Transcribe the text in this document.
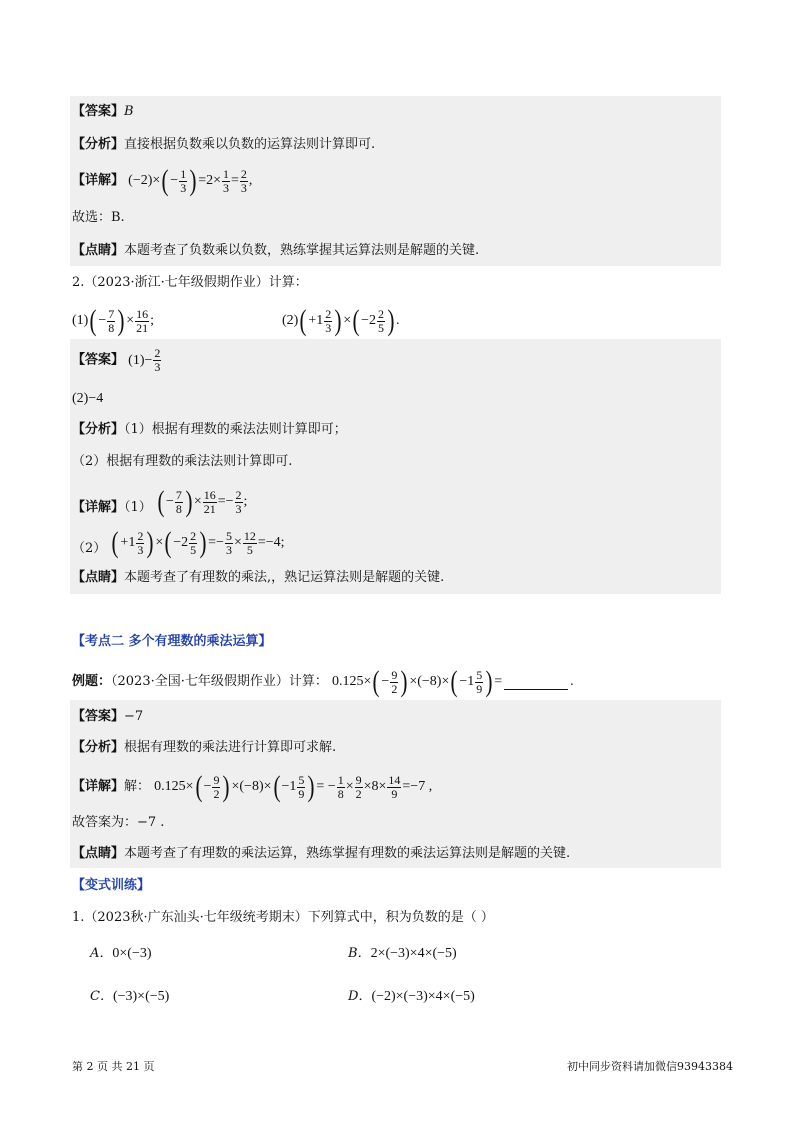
【答案】B
【分析】直接根据负数乘以负数的运算法则计算即可.
【详解】 (−2)× ( − $\frac{1}{3}$ ) $=2\times \frac{1}{3} = \frac{2}{3}$ ,
故选：B.
【点睛】本题考查了负数乘以负数，熟练掌握其运算法则是解题的关键.
2.（2023·浙江·七年级假期作业）计算：
(1) ( − $\frac{7}{8}$ ) × $\frac{16}{21}$ ;	(2) ( $+1 \frac{2}{3}$ ) × ( $-2 \frac{2}{5}$ ) .
【答案】 $(1)- \frac{2}{3}$
(2)−4
【分析】（1）根据有理数的乘法法则计算即可；
（2）根据有理数的乘法法则计算即可.
【详解】（1） ( − $\frac{7}{8}$ ) × $\frac{16}{21} =- \frac{2}{3}$ ;
（2） ( $+1 \frac{2}{3}$ ) × ( $-2 \frac{2}{5}$ ) =− $\frac{5}{3} \times \frac{12}{5} =-4$;
【点睛】本题考查了有理数的乘法,，熟记运算法则是解题的关键.
【考点二 多个有理数的乘法运算】
例题：（2023·全国·七年级假期作业）计算： 0.125× ( − $\frac{9}{2}$ ) ×(−8)× ( $-1 \frac{5}{9}$ ) =	.
【答案】−7
【分析】根据有理数的乘法进行计算即可求解.
【详解】解： 0.125× ( − $\frac{9}{2}$ ) ×(−8)× ( $-1 \frac{5}{9}$ ) = − $\frac{1}{8} \times \frac{9}{2} \times 8\times \frac{14}{9} =-7$ ,
故答案为：−7 .
【点睛】本题考查了有理数的乘法运算，熟练掌握有理数的乘法运算法则是解题的关键.
【变式训练】
1.（2023秋·广东汕头·七年级统考期末）下列算式中，积为负数的是（ ）
A．0×(−3)	B．2×(−3)×4×(−5)
C．(−3)×(−5)	D．(−2)×(−3)×4×(−5)
第 2 页 共 21 页	初中同步资料请加微信93943384
